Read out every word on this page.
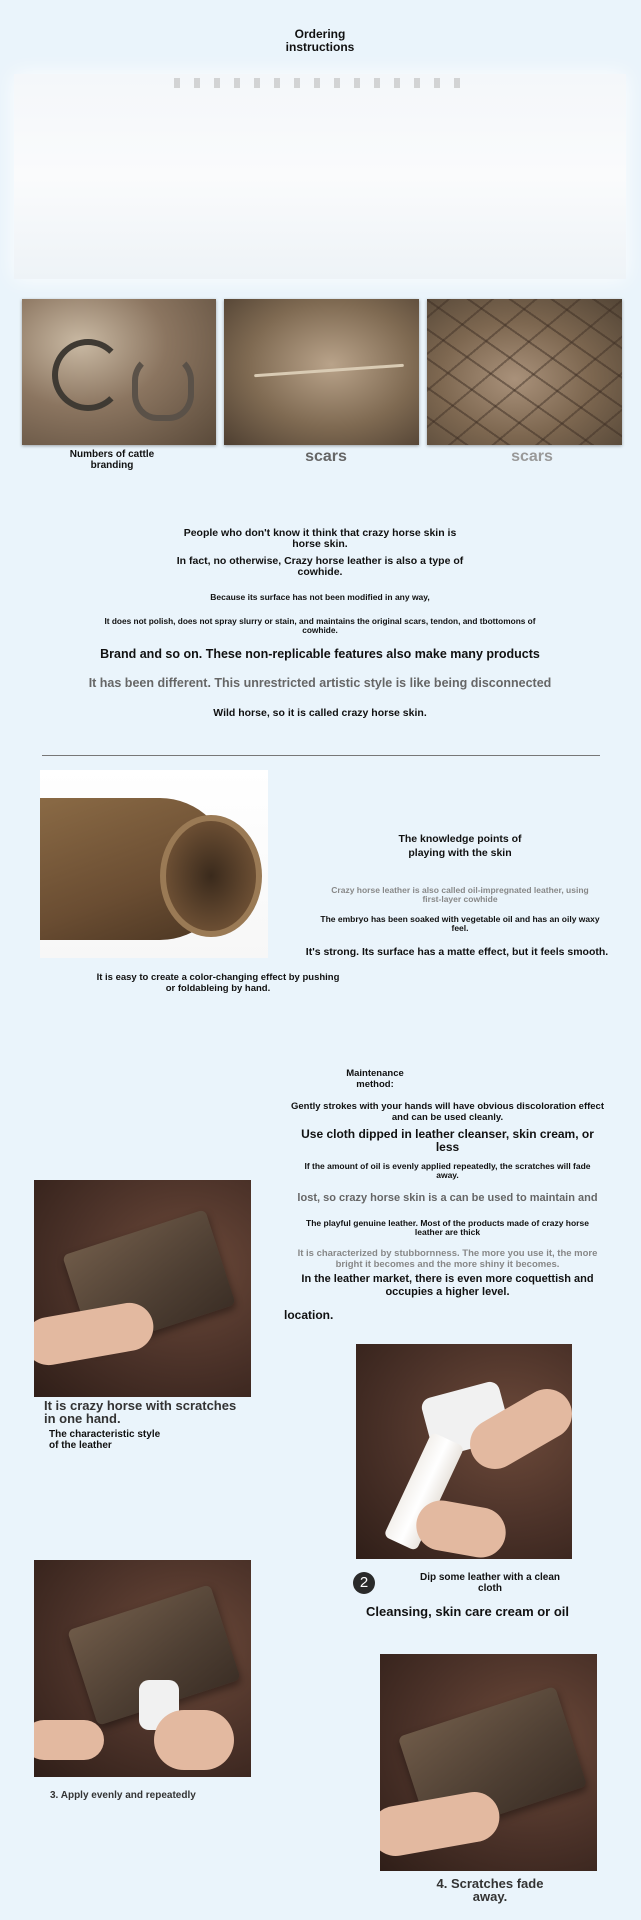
Ordering
instructions
Numbers of cattle
branding
scars	scars
People who don't know it think that crazy horse skin is
horse skin.
In fact, no otherwise, Crazy horse leather is also a type of
cowhide.
Because its surface has not been modified in any way,
It does not polish, does not spray slurry or stain, and maintains the original scars, tendon, and tbottomons of
cowhide.
Brand and so on. These non-replicable features also make many products
It has been different. This unrestricted artistic style is like being disconnected
Wild horse, so it is called crazy horse skin.
The knowledge points of
playing with the skin
Crazy horse leather is also called oil-impregnated leather, using
first-layer cowhide
The embryo has been soaked with vegetable oil and has an oily waxy
feel.
It's strong. Its surface has a matte effect, but it feels smooth.
It is easy to create a color-changing effect by pushing
or foldableing by hand.
Maintenance
method:
Gently strokes with your hands will have obvious discoloration effect
and can be used cleanly.
Use cloth dipped in leather cleanser, skin cream, or
less
If the amount of oil is evenly applied repeatedly, the scratches will fade
away.
lost, so crazy horse skin is a can be used to maintain and
The playful genuine leather. Most of the products made of crazy horse
leather are thick
It is characterized by stubbornness. The more you use it, the more
bright it becomes and the more shiny it becomes.
In the leather market, there is even more coquettish and
occupies a higher level.
location.
It is crazy horse with scratches
in one hand.
The characteristic style
of the leather
2	Dip some leather with a clean
cloth
Cleansing, skin care cream or oil
3. Apply evenly and repeatedly
4. Scratches fade
away.
